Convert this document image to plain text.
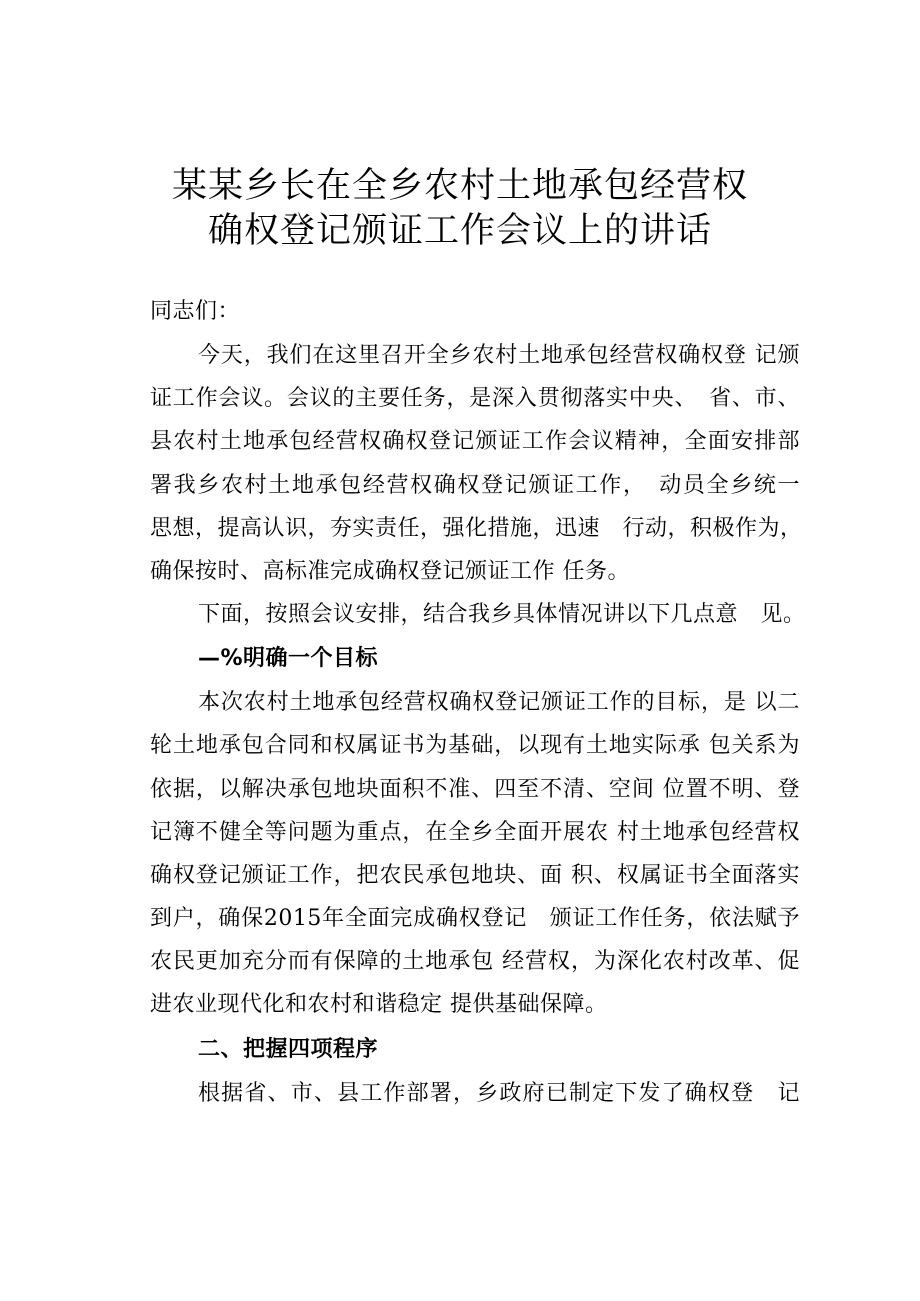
某某乡长在全乡农村土地承包经营权
确权登记颁证工作会议上的讲话
同志们：
今天，我们在这里召开全乡农村土地承包经营权确权登 记颁
证工作会议。会议的主要任务，是深入贯彻落实中央、　省、市、
县农村土地承包经营权确权登记颁证工作会议精神，全面安排部
署我乡农村土地承包经营权确权登记颁证工作，　动员全乡统一
思想，提高认识，夯实责任，强化措施，迅速　行动，积极作为，
确保按时、高标准完成确权登记颁证工作 任务。
下面，按照会议安排，结合我乡具体情况讲以下几点意　见。
—%明确一个目标
本次农村土地承包经营权确权登记颁证工作的目标，是 以二
轮土地承包合同和权属证书为基础，以现有土地实际承 包关系为
依据，以解决承包地块面积不准、四至不清、空间 位置不明、登
记簿不健全等问题为重点，在全乡全面开展农 村土地承包经营权
确权登记颁证工作，把农民承包地块、面 积、权属证书全面落实
到户，确保2015年全面完成确权登记　颁证工作任务，依法赋予
农民更加充分而有保障的土地承包 经营权，为深化农村改革、促
进农业现代化和农村和谐稳定 提供基础保障。
二、把握四项程序
根据省、市、县工作部署，乡政府已制定下发了确权登　记
